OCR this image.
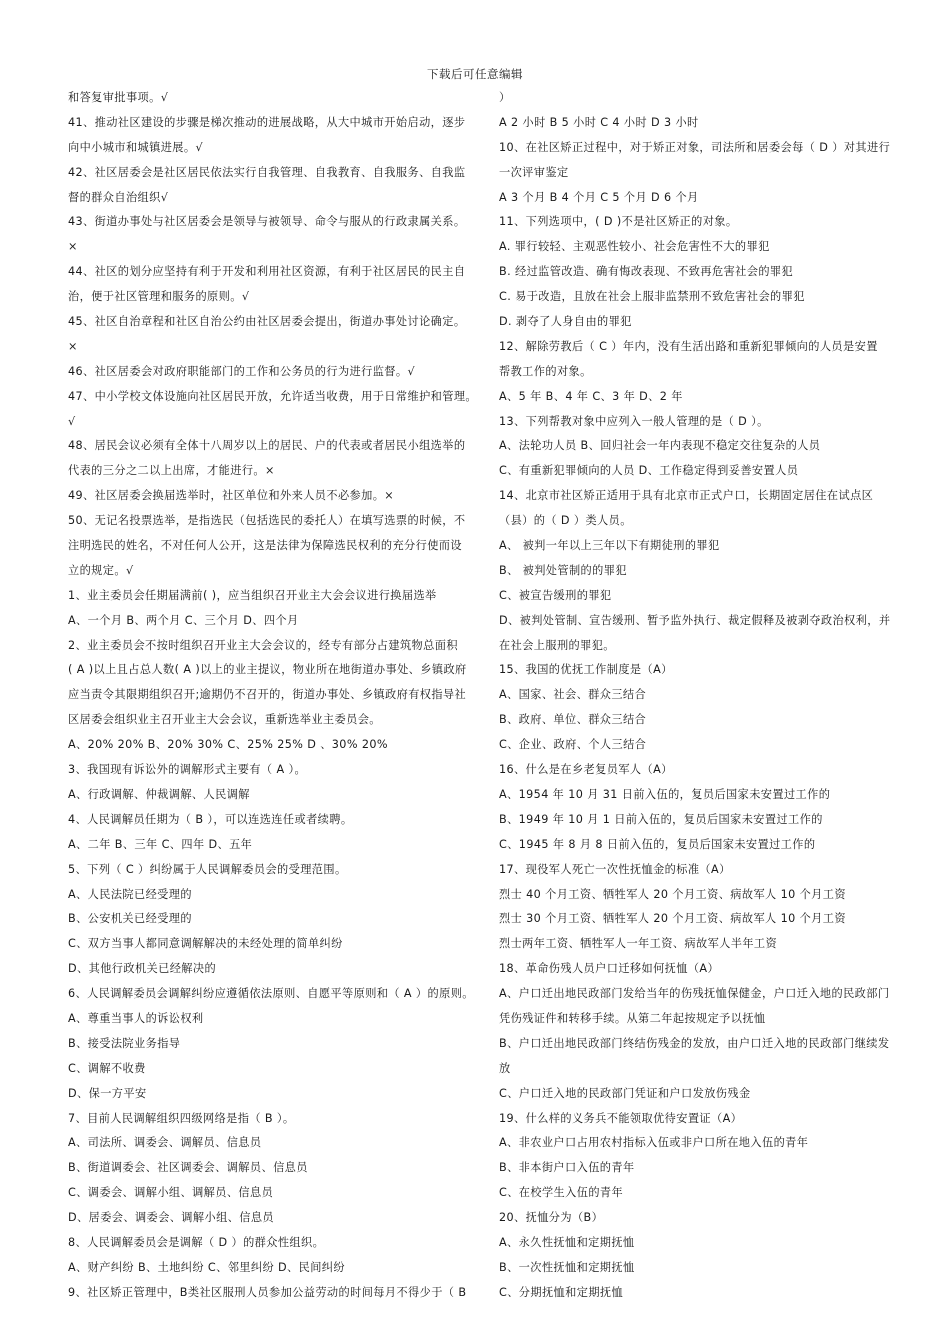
下载后可任意编辑
和答复审批事项。√
41、推动社区建设的步骤是梯次推动的进展战略，从大中城市开始启动，逐步
向中小城市和城镇进展。√
42、社区居委会是社区居民依法实行自我管理、自我教育、自我服务、自我监
督的群众自治组织√
43、街道办事处与社区居委会是领导与被领导、命令与服从的行政隶属关系。
×
44、社区的划分应坚持有利于开发和利用社区资源，有利于社区居民的民主自
治，便于社区管理和服务的原则。√
45、社区自治章程和社区自治公约由社区居委会提出，街道办事处讨论确定。
×
46、社区居委会对政府职能部门的工作和公务员的行为进行监督。√
47、中小学校文体设施向社区居民开放，允许适当收费，用于日常维护和管理。
√
48、居民会议必须有全体十八周岁以上的居民、户的代表或者居民小组选举的
代表的三分之二以上出席，才能进行。×
49、社区居委会换届选举时，社区单位和外来人员不必参加。×
50、无记名投票选举，是指选民（包括选民的委托人）在填写选票的时候，不
注明选民的姓名，不对任何人公开，这是法律为保障选民权利的充分行使而设
立的规定。√
1、业主委员会任期届满前( )，应当组织召开业主大会会议进行换届选举
A、一个月 B、两个月 C、三个月 D、四个月
2、业主委员会不按时组织召开业主大会会议的，经专有部分占建筑物总面积
( A )以上且占总人数( A )以上的业主提议，物业所在地街道办事处、乡镇政府
应当责令其限期组织召开;逾期仍不召开的，街道办事处、乡镇政府有权指导社
区居委会组织业主召开业主大会会议，重新选举业主委员会。
A、20% 20% B、20% 30% C、25% 25% D 、30% 20%
3、我国现有诉讼外的调解形式主要有（ A ）。
A、行政调解、仲裁调解、人民调解
4、人民调解员任期为（ B ），可以连选连任或者续聘。
A、二年 B、三年 C、四年 D、五年
5、下列（ C ）纠纷属于人民调解委员会的受理范围。
A、人民法院已经受理的
B、公安机关已经受理的
C、双方当事人都同意调解解决的未经处理的简单纠纷
D、其他行政机关已经解决的
6、人民调解委员会调解纠纷应遵循依法原则、自愿平等原则和（ A ）的原则。
A、尊重当事人的诉讼权利
B、接受法院业务指导
C、调解不收费
D、保一方平安
7、目前人民调解组织四级网络是指（ B ）。
A、司法所、调委会、调解员、信息员
B、街道调委会、社区调委会、调解员、信息员
C、调委会、调解小组、调解员、信息员
D、居委会、调委会、调解小组、信息员
8、人民调解委员会是调解（ D ）的群众性组织。
A、财产纠纷 B、土地纠纷 C、邻里纠纷 D、民间纠纷
9、社区矫正管理中，B类社区服刑人员参加公益劳动的时间每月不得少于（ B
）
A 2 小时 B 5 小时 C 4 小时 D 3 小时
10、在社区矫正过程中，对于矫正对象，司法所和居委会每（ D ）对其进行
一次评审鉴定
A 3 个月 B 4 个月 C 5 个月 D 6 个月
11、下列选项中，( D )不是社区矫正的对象。
A. 罪行较轻、主观恶性较小、社会危害性不大的罪犯
B. 经过监管改造、确有悔改表现、不致再危害社会的罪犯
C. 易于改造，且放在社会上服非监禁刑不致危害社会的罪犯
D. 剥夺了人身自由的罪犯
12、解除劳教后（ C ）年内，没有生活出路和重新犯罪倾向的人员是安置
帮教工作的对象。
A、5 年 B、4 年 C、3 年 D、2 年
13、下列帮教对象中应列入一般人管理的是（ D ）。
A、法轮功人员 B、回归社会一年内表现不稳定交往复杂的人员
C、有重新犯罪倾向的人员 D、工作稳定得到妥善安置人员
14、北京市社区矫正适用于具有北京市正式户口，长期固定居住在试点区
（县）的（ D ）类人员。
A、 被判一年以上三年以下有期徒刑的罪犯
B、 被判处管制的的罪犯
C、被宣告缓刑的罪犯
D、被判处管制、宣告缓刑、暂予监外执行、裁定假释及被剥夺政治权利，并
在社会上服刑的罪犯。
15、我国的优抚工作制度是（A）
A、国家、社会、群众三结合
B、政府、单位、群众三结合
C、企业、政府、个人三结合
16、什么是在乡老复员军人（A）
A、1954 年 10 月 31 日前入伍的，复员后国家未安置过工作的
B、1949 年 10 月 1 日前入伍的，复员后国家未安置过工作的
C、1945 年 8 月 8 日前入伍的，复员后国家未安置过工作的
17、现役军人死亡一次性抚恤金的标准（A）
烈士 40 个月工资、牺牲军人 20 个月工资、病故军人 10 个月工资
烈士 30 个月工资、牺牲军人 20 个月工资、病故军人 10 个月工资
烈士两年工资、牺牲军人一年工资、病故军人半年工资
18、革命伤残人员户口迁移如何抚恤（A）
A、户口迁出地民政部门发给当年的伤残抚恤保健金，户口迁入地的民政部门
凭伤残证件和转移手续。从第二年起按规定予以抚恤
B、户口迁出地民政部门终结伤残金的发放，由户口迁入地的民政部门继续发
放
C、户口迁入地的民政部门凭证和户口发放伤残金
19、什么样的义务兵不能领取优待安置证（A）
A、非农业户口占用农村指标入伍或非户口所在地入伍的青年
B、非本街户口入伍的青年
C、在校学生入伍的青年
20、抚恤分为（B）
A、永久性抚恤和定期抚恤
B、一次性抚恤和定期抚恤
C、分期抚恤和定期抚恤
